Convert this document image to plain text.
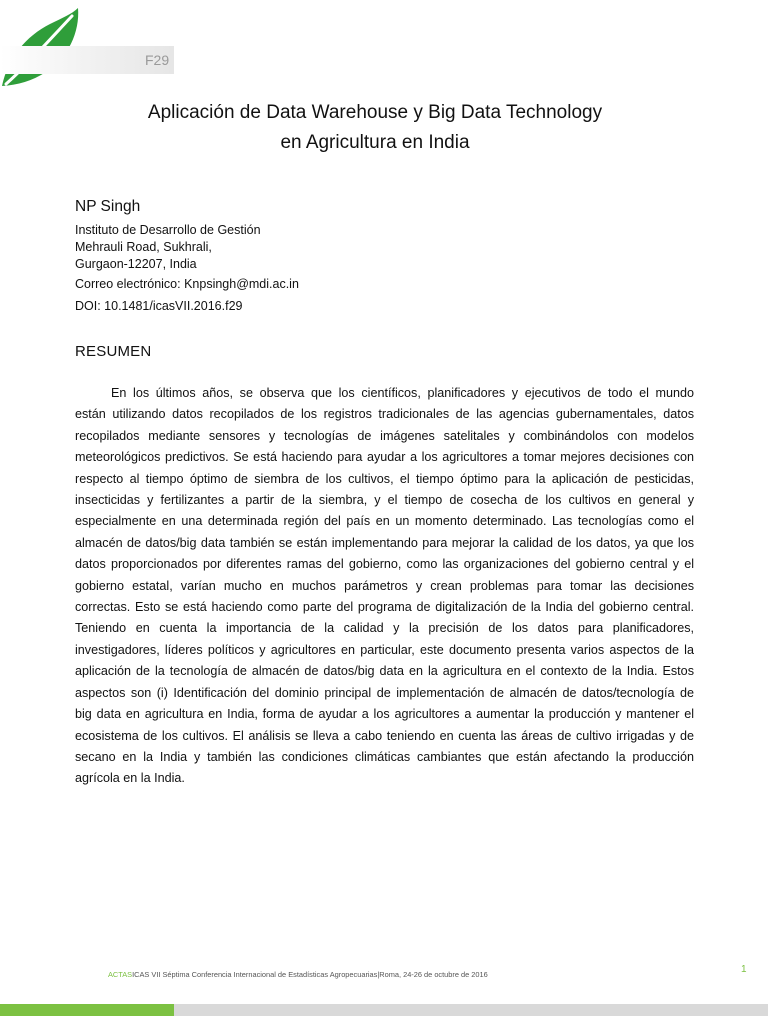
F29
Aplicación de Data Warehouse y Big Data Technology
en Agricultura en India
NP Singh
Instituto de Desarrollo de Gestión
Mehrauli Road, Sukhrali,
Gurgaon-12207, India
Correo electrónico: Knpsingh@mdi.ac.in
DOI: 10.1481/icasVII.2016.f29
RESUMEN
En los últimos años, se observa que los científicos, planificadores y ejecutivos de todo el mundo
están utilizando datos recopilados de los registros tradicionales de las agencias gubernamentales, datos
recopilados mediante sensores y tecnologías de imágenes satelitales y combinándolos con modelos
meteorológicos predictivos. Se está haciendo para ayudar a los agricultores a tomar mejores decisiones con
respecto al tiempo óptimo de siembra de los cultivos, el tiempo óptimo para la aplicación de pesticidas,
insecticidas y fertilizantes a partir de la siembra, y el tiempo de cosecha de los cultivos en general y
especialmente en una determinada región del país en un momento determinado. Las tecnologías como el
almacén de datos/big data también se están implementando para mejorar la calidad de los datos, ya que los
datos proporcionados por diferentes ramas del gobierno, como las organizaciones del gobierno central y el
gobierno estatal, varían mucho en muchos parámetros y crean problemas para tomar las decisiones
correctas. Esto se está haciendo como parte del programa de digitalización de la India del gobierno central.
Teniendo en cuenta la importancia de la calidad y la precisión de los datos para planificadores,
investigadores, líderes políticos y agricultores en particular, este documento presenta varios aspectos de la
aplicación de la tecnología de almacén de datos/big data en la agricultura en el contexto de la India. Estos
aspectos son (i) Identificación del dominio principal de implementación de almacén de datos/tecnología de
big data en agricultura en India, forma de ayudar a los agricultores a aumentar la producción y mantener el
ecosistema de los cultivos. El análisis se lleva a cabo teniendo en cuenta las áreas de cultivo irrigadas y de
secano en la India y también las condiciones climáticas cambiantes que están afectando la producción
agrícola en la India.
ACTASICAS VII Séptima Conferencia Internacional de Estadísticas Agropecuarias|Roma, 24-26 de octubre de 2016	1
